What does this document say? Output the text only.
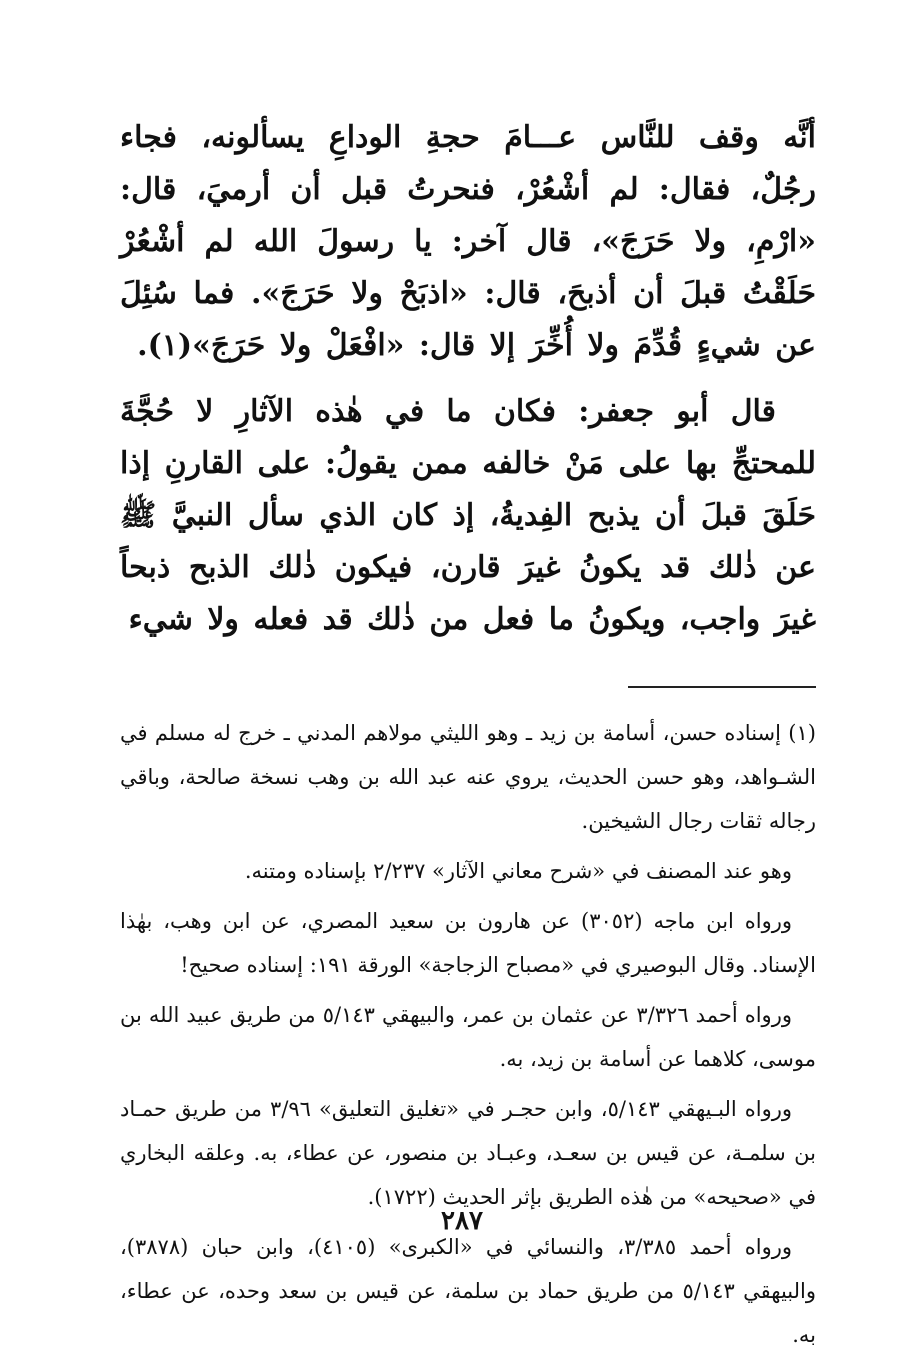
أنَّه وقف للنَّاس عـــامَ حجةِ الوداعِ يسألونه، فجاء رجُلٌ، فقال: لم أشْعُرْ، فنحرتُ قبل أن أرميَ، قال: «ارْمِ، ولا حَرَجَ»، قال آخر: يا رسولَ الله لم أشْعُرْ حَلَقْتُ قبلَ أن أذبحَ، قال: «اذبَحْ ولا حَرَجَ». فما سُئِلَ عن شيءٍ قُدِّمَ ولا أُخِّرَ إلا قال: «افْعَلْ ولا حَرَجَ»(١).

قال أبو جعفر: فكان ما في هٰذه الآثارِ لا حُجَّةَ للمحتجِّ بها على مَنْ خالفه ممن يقولُ: على القارنِ إذا حَلَقَ قبلَ أن يذبح الفِديةُ، إذ كان الذي سأل النبيَّ ﷺ عن ذٰلك قد يكونُ غيرَ قارن، فيكون ذٰلك الذبح ذبحاً غيرَ واجب، ويكونُ ما فعل من ذٰلك قد فعله ولا شيء

(١) إسناده حسن، أسامة بن زيد ـ وهو الليثي مولاهم المدني ـ خرج له مسلم في الشـواهد، وهو حسن الحديث، يروي عنه عبد الله بن وهب نسخة صالحة، وباقي رجاله ثقات رجال الشيخين.

وهو عند المصنف في «شرح معاني الآثار» ٢/٢٣٧ بإسناده ومتنه.

ورواه ابن ماجه (٣٠٥٢) عن هارون بن سعيد المصري، عن ابن وهب، بهٰذا الإسناد. وقال البوصيري في «مصباح الزجاجة» الورقة ١٩١: إسناده صحيح!

ورواه أحمد ٣/٣٢٦ عن عثمان بن عمر، والبيهقي ٥/١٤٣ من طريق عبيد الله بن موسى، كلاهما عن أسامة بن زيد، به.

ورواه البـيهقي ٥/١٤٣، وابن حجـر في «تغليق التعليق» ٣/٩٦ من طريق حمـاد بن سلمـة، عن قيس بن سعـد، وعبـاد بن منصور، عن عطاء، به. وعلقه البخاري في «صحيحه» من هٰذه الطريق بإثر الحديث (١٧٢٢).

ورواه أحمد ٣/٣٨٥، والنسائي في «الكبرى» (٤١٠٥)، وابن حبان (٣٨٧٨)، والبيهقي ٥/١٤٣ من طريق حماد بن سلمة، عن قيس بن سعد وحده، عن عطاء، به.

٢٨٧
